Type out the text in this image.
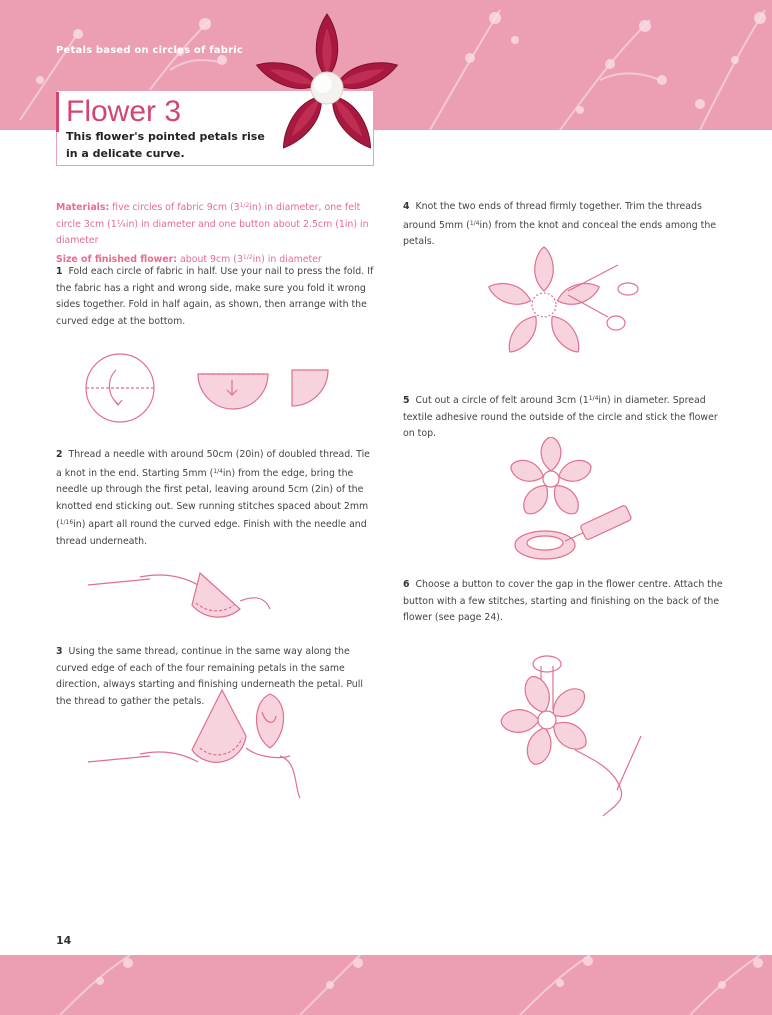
Petals based on circles of fabric
Flower 3
This flower's pointed petals rise in a delicate curve.
Materials: five circles of fabric 9cm $(3^{1/2}in)$ in diameter, one felt circle 3cm (1¼in) in diameter and one button about 2.5cm (1in) in diameter
Size of finished flower: about 9cm $(3^{1/2}in)$ in diameter
1 Fold each circle of fabric in half. Use your nail to press the fold. If the fabric has a right and wrong side, make sure you fold it wrong sides together. Fold in half again, as shown, then arrange with the curved edge at the bottom.
2 Thread a needle with around 50cm (20in) of doubled thread. Tie a knot in the end. Starting 5mm ($^{1/4}$in) from the edge, bring the needle up through the first petal, leaving around 5cm (2in) of the knotted end sticking out. Sew running stitches spaced about 2mm ($^{1/16}$in) apart all round the curved edge. Finish with the needle and thread underneath.
3 Using the same thread, continue in the same way along the curved edge of each of the four remaining petals in the same direction, always starting and finishing underneath the petal. Pull the thread to gather the petals.
4 Knot the two ends of thread firmly together. Trim the threads around 5mm ($^{1/4}$in) from the knot and conceal the ends among the petals.
5 Cut out a circle of felt around 3cm $(1^{1/4}in)$ in diameter. Spread textile adhesive round the outside of the circle and stick the flower on top.
6 Choose a button to cover the gap in the flower centre. Attach the button with a few stitches, starting and finishing on the back of the flower (see page 24).
14
